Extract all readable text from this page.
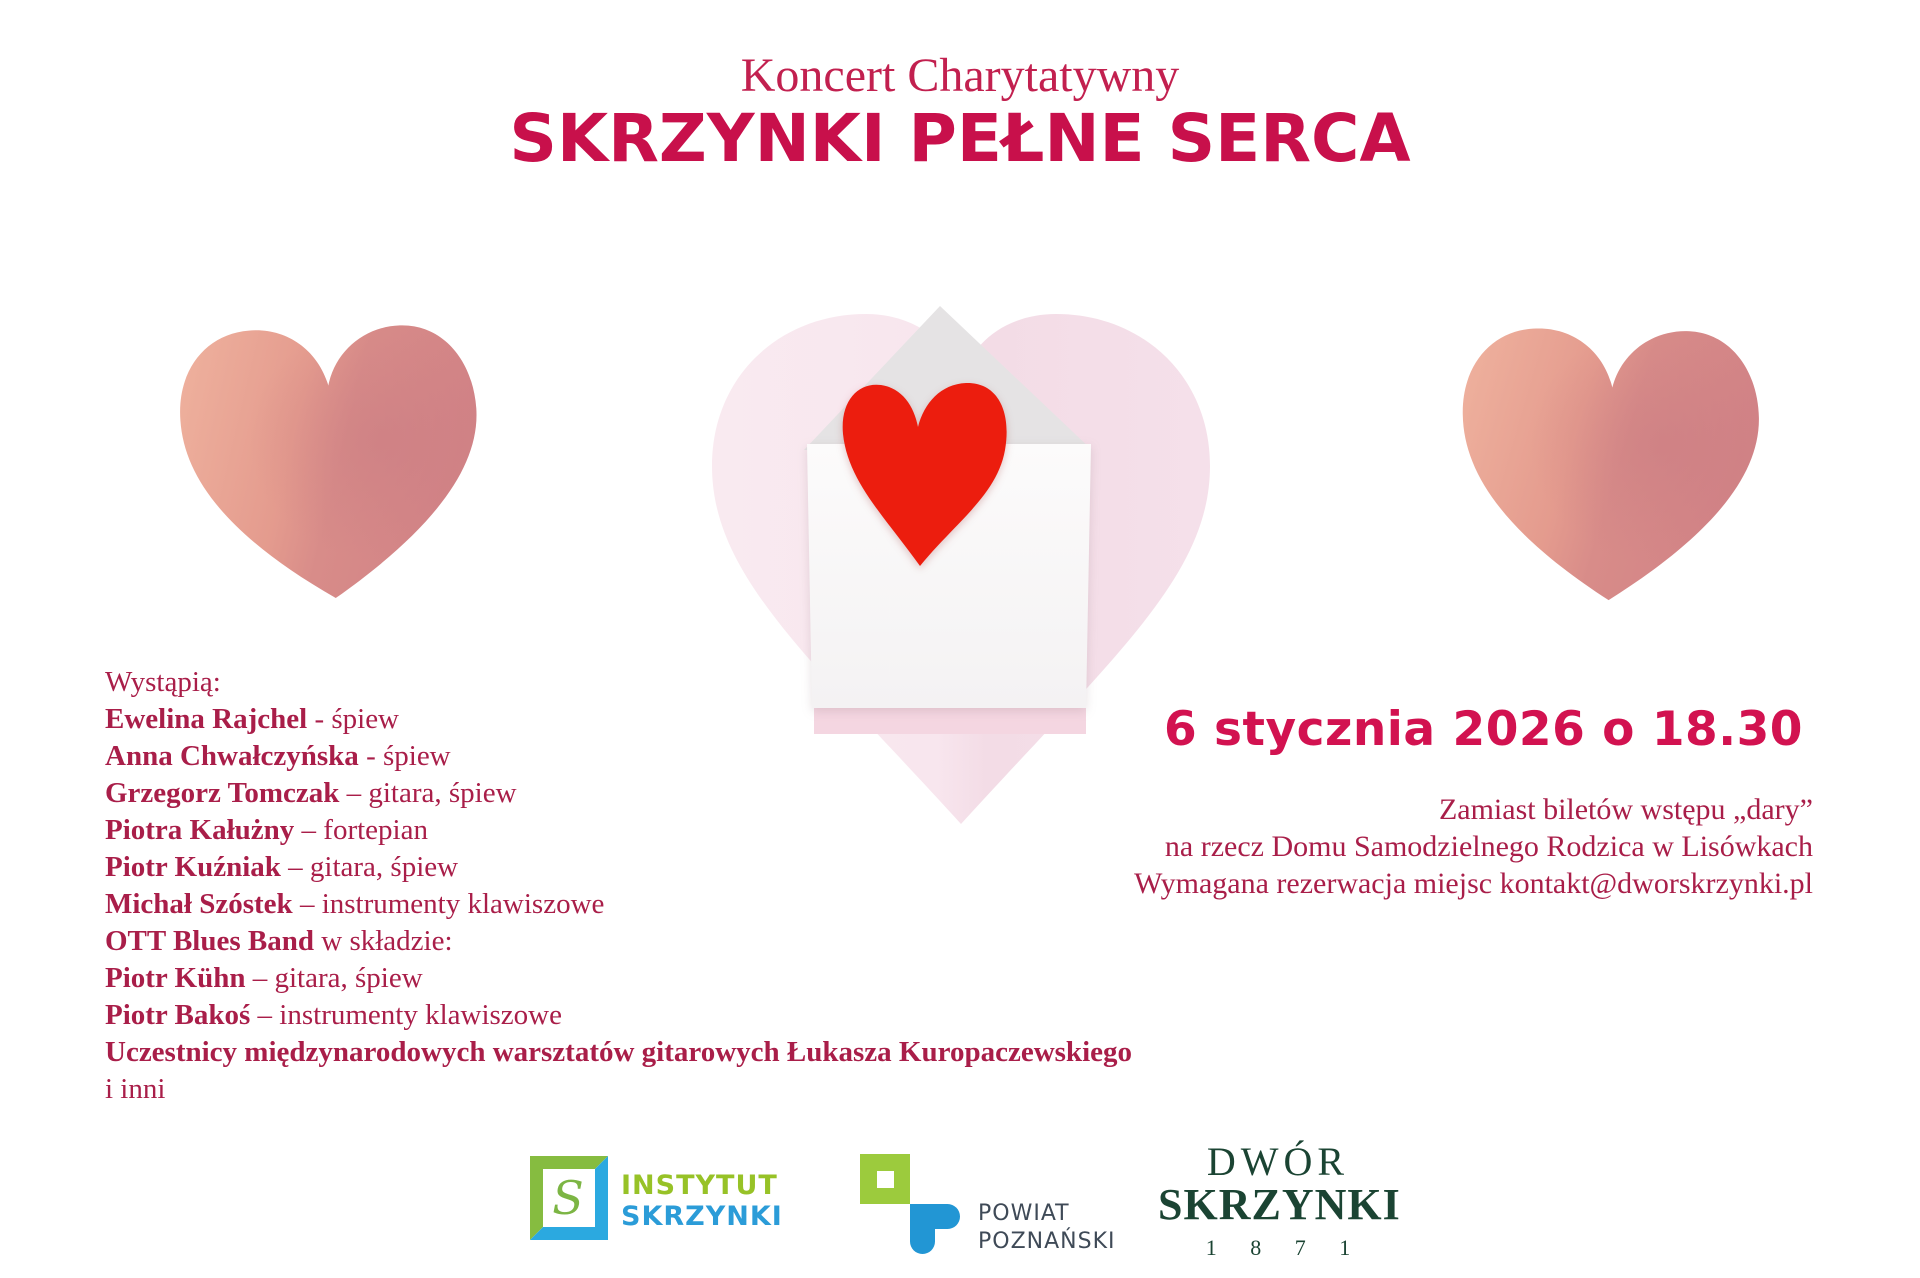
Koncert Charytatywny
SKRZYNKI PEŁNE SERCA
Wystąpią:
Ewelina Rajchel - śpiew
Anna Chwałczyńska - śpiew
Grzegorz Tomczak – gitara, śpiew
Piotra Kałużny – fortepian
Piotr Kuźniak – gitara, śpiew
Michał Szóstek – instrumenty klawiszowe
OTT Blues Band w składzie:
Piotr Kühn – gitara, śpiew
Piotr Bakoś – instrumenty klawiszowe
Uczestnicy międzynarodowych warsztatów gitarowych Łukasza Kuropaczewskiego
i inni
6 stycznia 2026 o 18.30
Zamiast biletów wstępu „dary”
na rzecz Domu Samodzielnego Rodzica w Lisówkach
Wymagana rezerwacja miejsc kontakt@dworskrzynki.pl
S INSTYTUT
SKRZYNKI	POWIAT
POZNAŃSKI
DWÓR
SKRZYNKI
1 8 7 1
